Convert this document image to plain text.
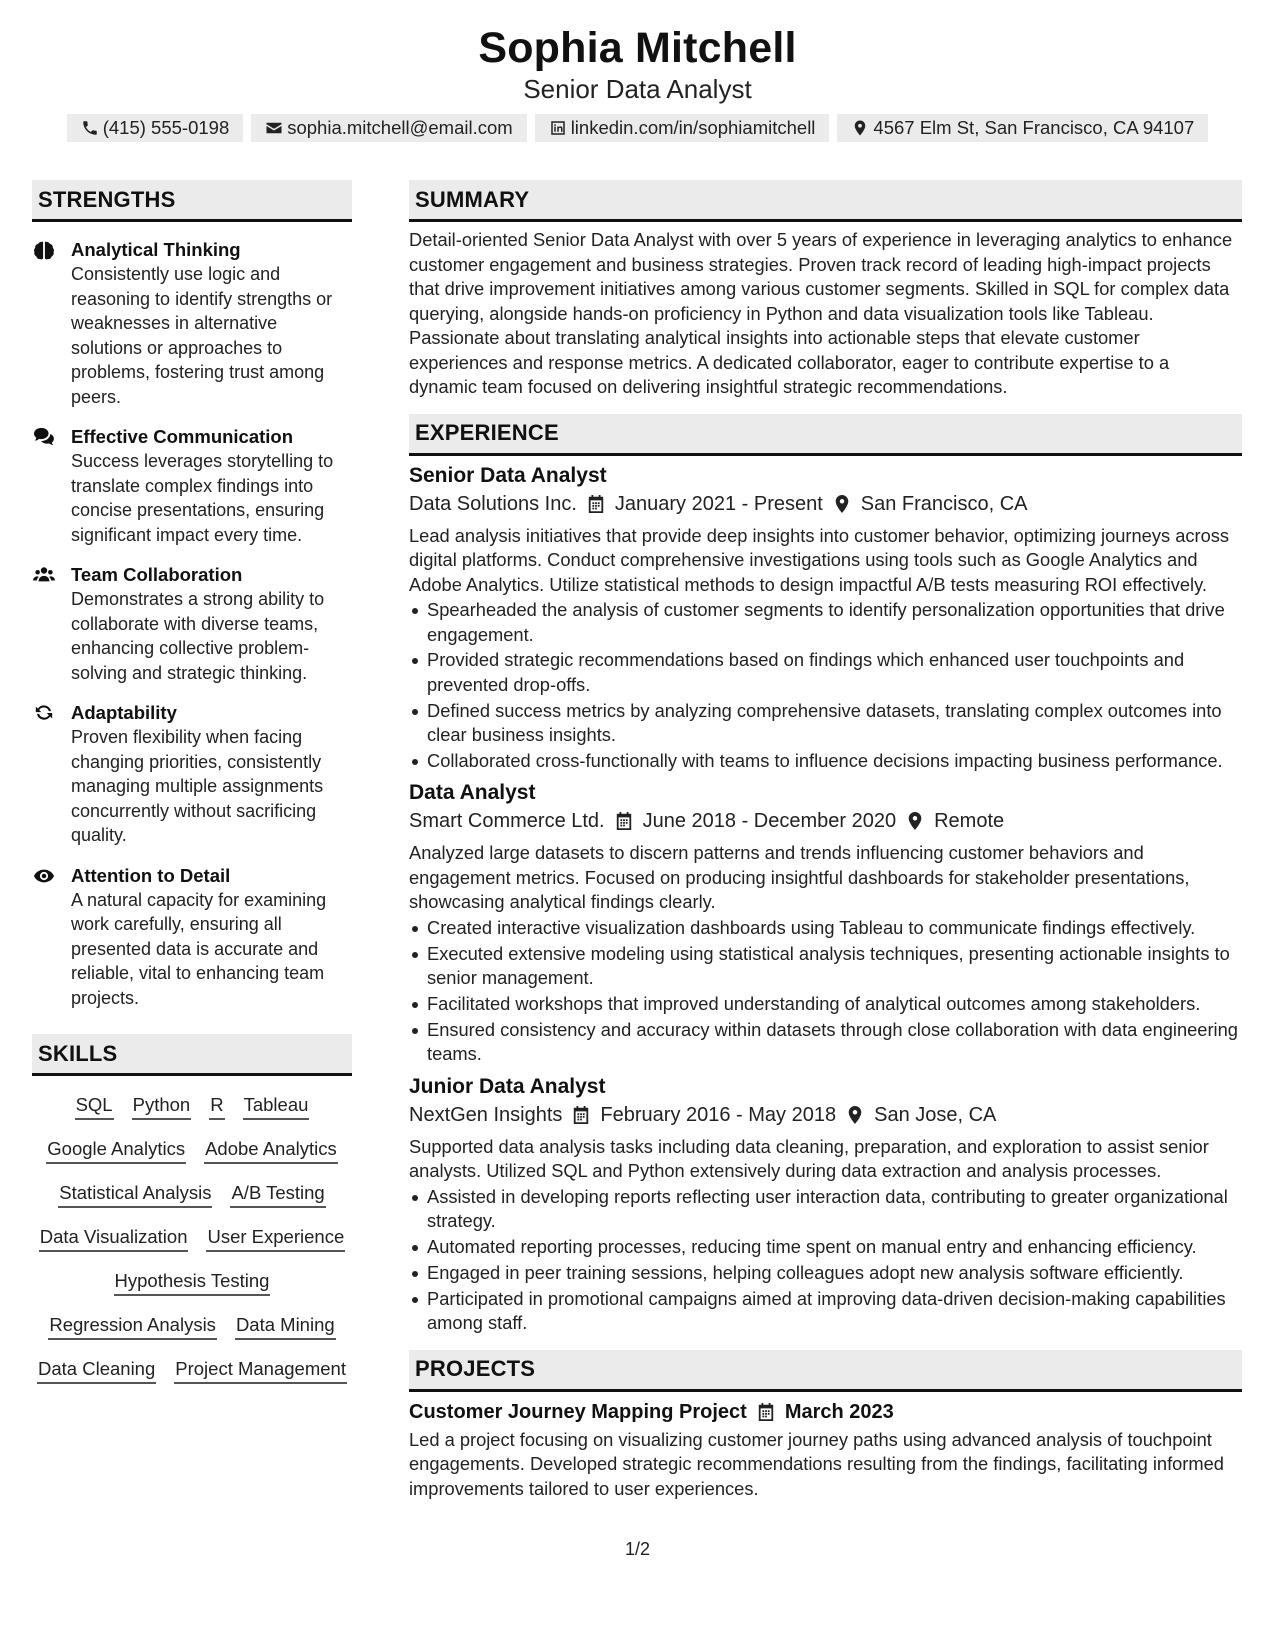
Sophia Mitchell
Senior Data Analyst
(415) 555-0198	sophia.mitchell@email.com	linkedin.com/in/sophiamitchell	4567 Elm St, San Francisco, CA 94107
STRENGTHS
Analytical Thinking
Consistently use logic and reasoning to identify strengths or weaknesses in alternative solutions or approaches to problems, fostering trust among peers.
Effective Communication
Success leverages storytelling to translate complex findings into concise presentations, ensuring significant impact every time.
Team Collaboration
Demonstrates a strong ability to collaborate with diverse teams, enhancing collective problem-solving and strategic thinking.
Adaptability
Proven flexibility when facing changing priorities, consistently managing multiple assignments concurrently without sacrificing quality.
Attention to Detail
A natural capacity for examining work carefully, ensuring all presented data is accurate and reliable, vital to enhancing team projects.
SKILLS
SQL Python R Tableau
Google Analytics Adobe Analytics
Statistical Analysis A/B Testing
Data Visualization User Experience
Hypothesis Testing
Regression Analysis Data Mining
Data Cleaning Project Management
SUMMARY
Detail-oriented Senior Data Analyst with over 5 years of experience in leveraging analytics to enhance customer engagement and business strategies. Proven track record of leading high-impact projects that drive improvement initiatives among various customer segments. Skilled in SQL for complex data querying, alongside hands-on proficiency in Python and data visualization tools like Tableau. Passionate about translating analytical insights into actionable steps that elevate customer experiences and response metrics. A dedicated collaborator, eager to contribute expertise to a dynamic team focused on delivering insightful strategic recommendations.
EXPERIENCE
Senior Data Analyst
Data Solutions Inc. January 2021 - Present San Francisco, CA
Lead analysis initiatives that provide deep insights into customer behavior, optimizing journeys across digital platforms. Conduct comprehensive investigations using tools such as Google Analytics and Adobe Analytics. Utilize statistical methods to design impactful A/B tests measuring ROI effectively.
Spearheaded the analysis of customer segments to identify personalization opportunities that drive engagement.
Provided strategic recommendations based on findings which enhanced user touchpoints and prevented drop-offs.
Defined success metrics by analyzing comprehensive datasets, translating complex outcomes into clear business insights.
Collaborated cross-functionally with teams to influence decisions impacting business performance.
Data Analyst
Smart Commerce Ltd. June 2018 - December 2020 Remote
Analyzed large datasets to discern patterns and trends influencing customer behaviors and engagement metrics. Focused on producing insightful dashboards for stakeholder presentations, showcasing analytical findings clearly.
Created interactive visualization dashboards using Tableau to communicate findings effectively.
Executed extensive modeling using statistical analysis techniques, presenting actionable insights to senior management.
Facilitated workshops that improved understanding of analytical outcomes among stakeholders.
Ensured consistency and accuracy within datasets through close collaboration with data engineering teams.
Junior Data Analyst
NextGen Insights February 2016 - May 2018 San Jose, CA
Supported data analysis tasks including data cleaning, preparation, and exploration to assist senior analysts. Utilized SQL and Python extensively during data extraction and analysis processes.
Assisted in developing reports reflecting user interaction data, contributing to greater organizational strategy.
Automated reporting processes, reducing time spent on manual entry and enhancing efficiency.
Engaged in peer training sessions, helping colleagues adopt new analysis software efficiently.
Participated in promotional campaigns aimed at improving data-driven decision-making capabilities among staff.
PROJECTS
Customer Journey Mapping Project March 2023
Led a project focusing on visualizing customer journey paths using advanced analysis of touchpoint engagements. Developed strategic recommendations resulting from the findings, facilitating informed improvements tailored to user experiences.
1/2
